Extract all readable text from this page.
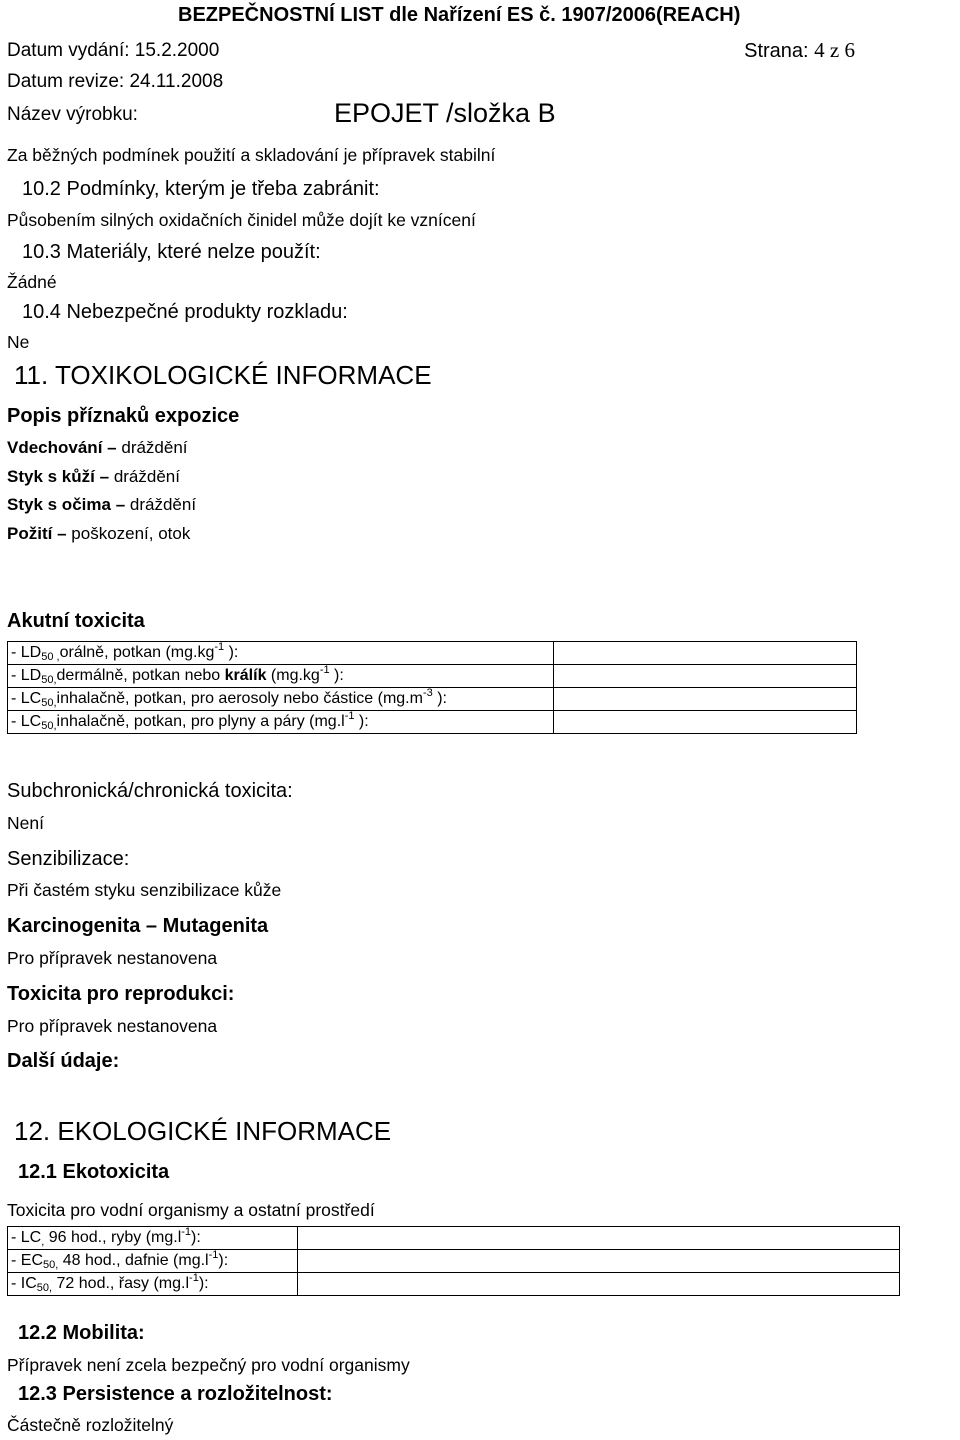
BEZPEČNOSTNÍ LIST dle Nařízení ES č. 1907/2006(REACH)
Datum vydání: 15.2.2000	Strana: 4 z 6
Datum revize: 24.11.2008
Název výrobku:	EPOJET /složka B
Za běžných podmínek použití a skladování je přípravek stabilní
10.2 Podmínky, kterým je třeba zabránit:
Působením silných oxidačních činidel může dojít ke vznícení
10.3 Materiály, které nelze použít:
Žádné
10.4 Nebezpečné produkty rozkladu:
Ne
11. TOXIKOLOGICKÉ INFORMACE
Popis příznaků expozice
Vdechování – dráždění
Styk s kůží – dráždění
Styk s očima – dráždění
Požití – poškození, otok
Akutní toxicita
- $LD_{50 ,}orá\ln ě$, potkan ($mg.kg^{-1}$ ):	
- $LD_{50,}dermá\ln ě$, potkan nebo králík ($mg.kg^{-1}$ ):	
- $LC_{50,}inhalačně$, potkan, pro aerosoly nebo částice ($mg.m^{-3}$ ):	
- $LC_{50,}inhalačně$, potkan, pro plyny a páry ($mg.l^{-1}$ ):	
Subchronická/chronická toxicita:
Není
Senzibilizace:
Při častém styku senzibilizace kůže
Karcinogenita – Mutagenita
Pro přípravek nestanovena
Toxicita pro reprodukci:
Pro přípravek nestanovena
Další údaje:
12. EKOLOGICKÉ INFORMACE
12.1 Ekotoxicita
Toxicita pro vodní organismy a ostatní prostředí
- $LC_,$ 96 hod., ryby $(mg.l^{-1})$:	
- $EC_{50,}$ 48 hod., dafnie $(mg.l^{-1})$:	
- $IC_{50,}$ 72 hod., řasy $(mg.l^{-1})$:	
12.2 Mobilita:
Přípravek není zcela bezpečný pro vodní organismy
12.3 Persistence a rozložitelnost:
Částečně rozložitelný
